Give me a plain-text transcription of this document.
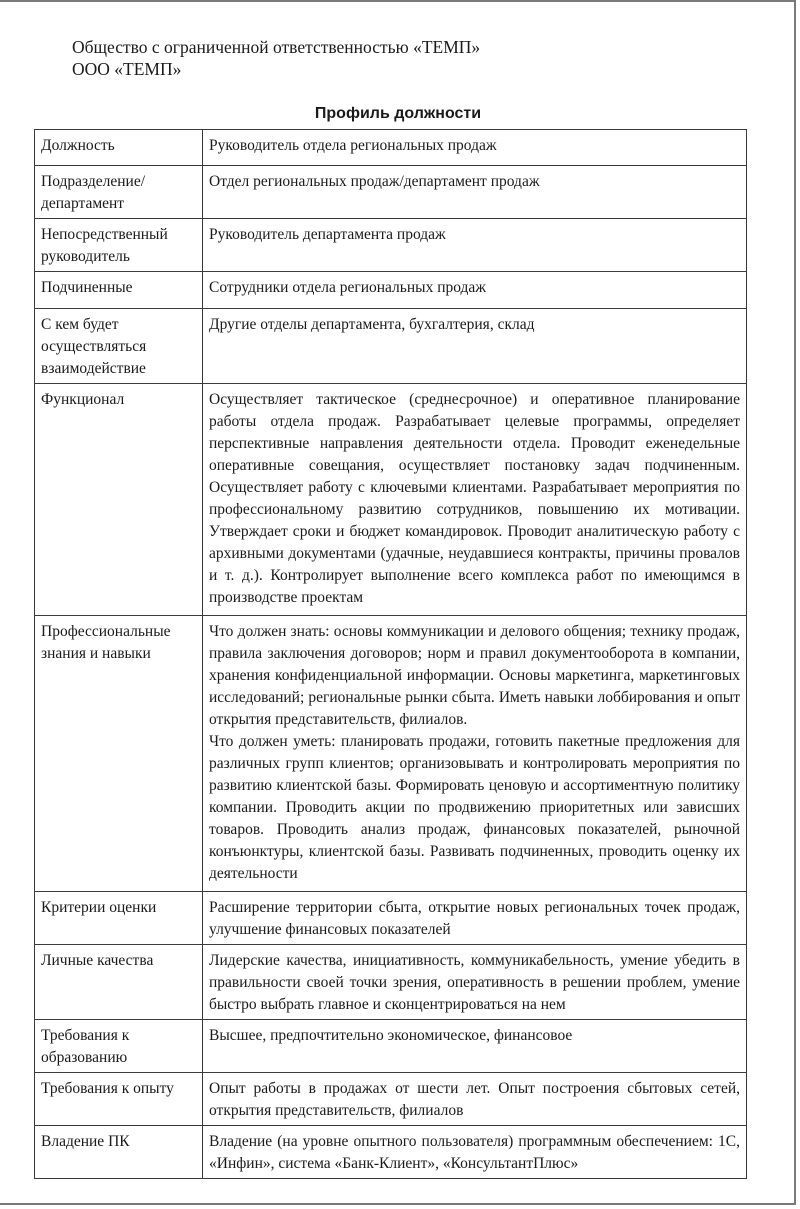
Общество с ограниченной ответственностью «ТЕМП»
ООО «ТЕМП»
Профиль должности
Должность	Руководитель отдела региональных продаж
Подразделение/ департамент	Отдел региональных продаж/департамент продаж
Непосредственный руководитель	Руководитель департамента продаж
Подчиненные	Сотрудники отдела региональных продаж
С кем будет осуществляться взаимодействие	Другие отделы департамента, бухгалтерия, склад
Функционал	Осуществляет тактическое (среднесрочное) и оперативное планирование работы отдела продаж. Разрабатывает целевые программы, определяет перспективные направления деятельности отдела. Проводит еженедельные оперативные совещания, осуществляет постановку задач подчиненным. Осуществляет работу с ключевыми клиентами. Разрабатывает мероприятия по профессиональному развитию сотрудников, повышению их мотивации. Утверждает сроки и бюджет командировок. Проводит аналитическую работу с архивными документами (удачные, неудавшиеся контракты, причины провалов и т. д.). Контролирует выполнение всего комплекса работ по имеющимся в производстве проектам
Профессиональные знания и навыки	Что должен знать: основы коммуникации и делового общения; технику продаж, правила заключения договоров; норм и правил документооборота в компании, хранения конфиденциальной информации. Основы маркетинга, маркетинговых исследований; региональные рынки сбыта. Иметь навыки лоббирования и опыт открытия представительств, филиалов.
Что должен уметь: планировать продажи, готовить пакетные предложения для различных групп клиентов; организовывать и контролировать мероприятия по развитию клиентской базы. Формировать ценовую и ассортиментную политику компании. Проводить акции по продвижению приоритетных или зависших товаров. Проводить анализ продаж, финансовых показателей, рыночной конъюнктуры, клиентской базы. Развивать подчиненных, проводить оценку их деятельности

Критерии оценки	Расширение территории сбыта, открытие новых региональных точек продаж, улучшение финансовых показателей
Личные качества	Лидерские качества, инициативность, коммуникабельность, умение убедить в правильности своей точки зрения, оперативность в решении проблем, умение быстро выбрать главное и сконцентрироваться на нем
Требования к образованию	Высшее, предпочтительно экономическое, финансовое
Требования к опыту	Опыт работы в продажах от шести лет. Опыт построения сбытовых сетей, открытия представительств, филиалов
Владение ПК	Владение (на уровне опытного пользователя) программным обеспечением: 1С, «Инфин», система «Банк-Клиент», «КонсультантПлюс»
